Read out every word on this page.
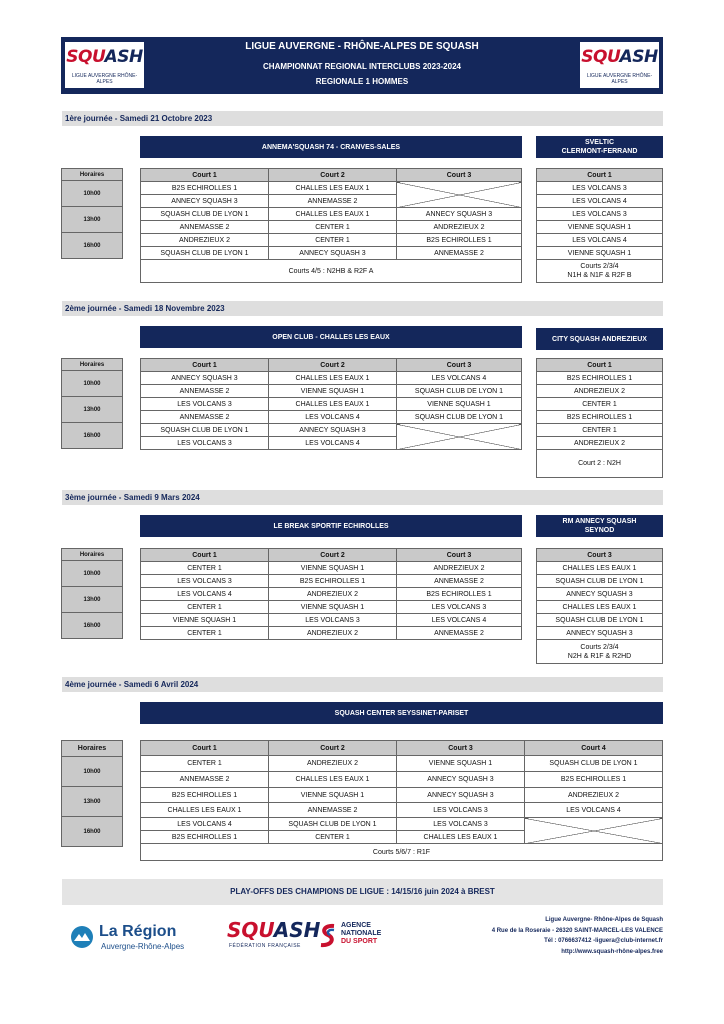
SQUASH
LIGUE AUVERGNE RHÔNE-ALPES
LIGUE AUVERGNE - RHÔNE-ALPES DE SQUASH
CHAMPIONNAT REGIONAL INTERCLUBS 2023-2024
REGIONALE 1 HOMMES
SQUASH
LIGUE AUVERGNE RHÔNE-ALPES
1ère journée - Samedi 21 Octobre 2023
ANNEMA'SQUASH 74 - CRANVES-SALES
SVELTIC
CLERMONT-FERRAND
Horaires
10h00
13h00
16h00
Court 1	Court 2	Court 3
B2S ECHIROLLES 1	CHALLES LES EAUX 1	
ANNECY SQUASH 3	ANNEMASSE 2	
SQUASH CLUB DE LYON 1	CHALLES LES EAUX 1	ANNECY SQUASH 3
ANNEMASSE 2	CENTER 1	ANDREZIEUX 2
ANDREZIEUX 2	CENTER 1	B2S ECHIROLLES 1
SQUASH CLUB DE LYON 1	ANNECY SQUASH 3	ANNEMASSE 2
Courts 4/5 : N2HB & R2F A		
Court 1
LES VOLCANS 3
LES VOLCANS 4
LES VOLCANS 3
VIENNE SQUASH 1
LES VOLCANS 4
VIENNE SQUASH 1
Courts 2/3/4
N1H & N1F & R2F B
2ème journée - Samedi 18 Novembre 2023
OPEN CLUB - CHALLES LES EAUX	CITY SQUASH ANDREZIEUX
Horaires
10h00
13h00
16h00
Court 1	Court 2	Court 3
ANNECY SQUASH 3	CHALLES LES EAUX 1	LES VOLCANS 4
ANNEMASSE 2	VIENNE SQUASH 1	SQUASH CLUB DE LYON 1
LES VOLCANS 3	CHALLES LES EAUX 1	VIENNE SQUASH 1
ANNEMASSE 2	LES VOLCANS 4	SQUASH CLUB DE LYON 1
SQUASH CLUB DE LYON 1	ANNECY SQUASH 3	
LES VOLCANS 3	LES VOLCANS 4	
Court 1
B2S ECHIROLLES 1
ANDREZIEUX 2
CENTER 1
B2S ECHIROLLES 1
CENTER 1
ANDREZIEUX 2
Court 2 : N2H
3ème journée - Samedi 9 Mars 2024
LE BREAK SPORTIF ECHIROLLES
RM ANNECY SQUASH
SEYNOD
Horaires
10h00
13h00
16h00
Court 1	Court 2	Court 3
CENTER 1	VIENNE SQUASH 1	ANDREZIEUX 2
LES VOLCANS 3	B2S ECHIROLLES 1	ANNEMASSE 2
LES VOLCANS 4	ANDREZIEUX 2	B2S ECHIROLLES 1
CENTER 1	VIENNE SQUASH 1	LES VOLCANS 3
VIENNE SQUASH 1	LES VOLCANS 3	LES VOLCANS 4
CENTER 1	ANDREZIEUX 2	ANNEMASSE 2
Court 3
CHALLES LES EAUX 1
SQUASH CLUB DE LYON 1
ANNECY SQUASH 3
CHALLES LES EAUX 1
SQUASH CLUB DE LYON 1
ANNECY SQUASH 3
Courts 2/3/4
N2H & R1F & R2HD
4ème journée - Samedi 6 Avril 2024
SQUASH CENTER SEYSSINET-PARISET
Horaires
10h00
13h00
16h00
Court 1	Court 2	Court 3	Court 4
CENTER 1	ANDREZIEUX 2	VIENNE SQUASH 1	SQUASH CLUB DE LYON 1
ANNEMASSE 2	CHALLES LES EAUX 1	ANNECY SQUASH 3	B2S ECHIROLLES 1
B2S ECHIROLLES 1	VIENNE SQUASH 1	ANNECY SQUASH 3	ANDREZIEUX 2
CHALLES LES EAUX 1	ANNEMASSE 2	LES VOLCANS 3	LES VOLCANS 4
LES VOLCANS 4	SQUASH CLUB DE LYON 1	LES VOLCANS 3	
B2S ECHIROLLES 1	CENTER 1	CHALLES LES EAUX 1	
Courts 5/6/7 : R1F			
PLAY-OFFS DES CHAMPIONS DE LIGUE : 14/15/16 juin 2024 à BREST
La Région
Auvergne-Rhône-Alpes
SQUASH
FÉDÉRATION FRANÇAISE
AGENCE
NATIONALE
DU SPORT
Ligue Auvergne- Rhône-Alpes de Squash
4 Rue de la Roseraie - 26320 SAINT-MARCEL-LES VALENCE
Tél : 0766637412 -liguera@club-internet.fr
http://www.squash-rhône-alpes.free
